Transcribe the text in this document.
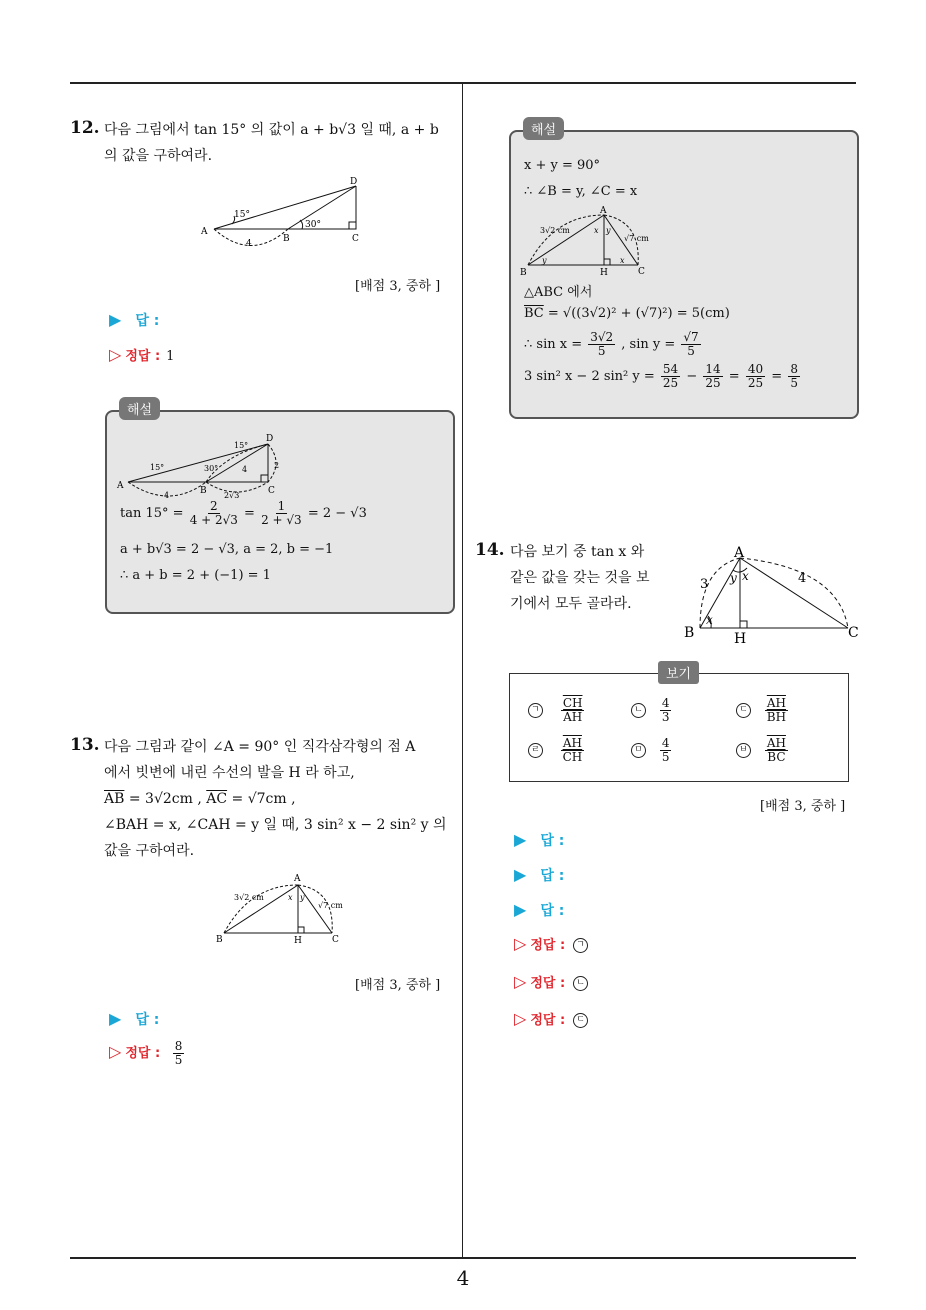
4
12. 다음 그림에서 tan 15° 의 값이 a + b√3 일 때, a + b
의 값을 구하여라.
D
A
B	C
15°
30°
4
[배점 3, 중하 ]
▶ 답 :
▷ 정답 : 1
해설
D
A	B	C
15°
15°
30°
4
4	2
2√3
$\tan 15^\circ = \frac{2}{4 + 2√3} = \frac{1}{2 + √3} = 2 - √3$
a + b√3 = 2 − √3, a = 2, b = −1
∴ a + b = 2 + (−1) = 1
13. 다음 그림과 같이 ∠A = 90° 인 직각삼각형의 점 A
에서 빗변에 내린 수선의 발을 H 라 하고,
$\overline{AB} = 3√2cm$ , $\overline{AC} = √7cm$ ,
∠BAH = x, ∠CAH = y 일 때, 3 sin² x − 2 sin² y 의
값을 구하여라.
A
B	H	C
3√2 cm
√7 cm
x y
[배점 3, 중하 ]
▶ 답 :
▷ 정답 : $\frac{8}{5}$
해설
x + y = 90°
∴ ∠B = y, ∠C = x
A
B	H	C
3√2 cm
√7 cm
x y
y	x
△ABC 에서
$\overline{BC} = √((3√2)^2 + (√7)^2) = 5(cm)$
∴ $\sin x = \frac{3√2}{5}$ , $\sin y = \frac{√7}{5}$
3 sin² x − 2 sin² $y = \frac{54}{25} - \frac{14}{25} = \frac{40}{25} = \frac{8}{5}$
14. 다음 보기 중 tan x 와
같은 값을 갖는 것을 보
기에서 모두 골라라.
A
B	H	C
3	4
y x
x
보기
ㄱ $\frac{\overline{CH}}{AH}$	ㄴ $\frac{4}{3}$	ㄷ $\frac{\overline{AH}}{BH}$
ㄹ $\frac{\overline{AH}}{CH}$	ㅁ $\frac{4}{5}$	ㅂ $\frac{\overline{AH}}{BC}$
[배점 3, 중하 ]
▶ 답 :
▶ 답 :
▶ 답 :
▷ 정답 : ㄱ
▷ 정답 : ㄴ
▷ 정답 : ㄷ
